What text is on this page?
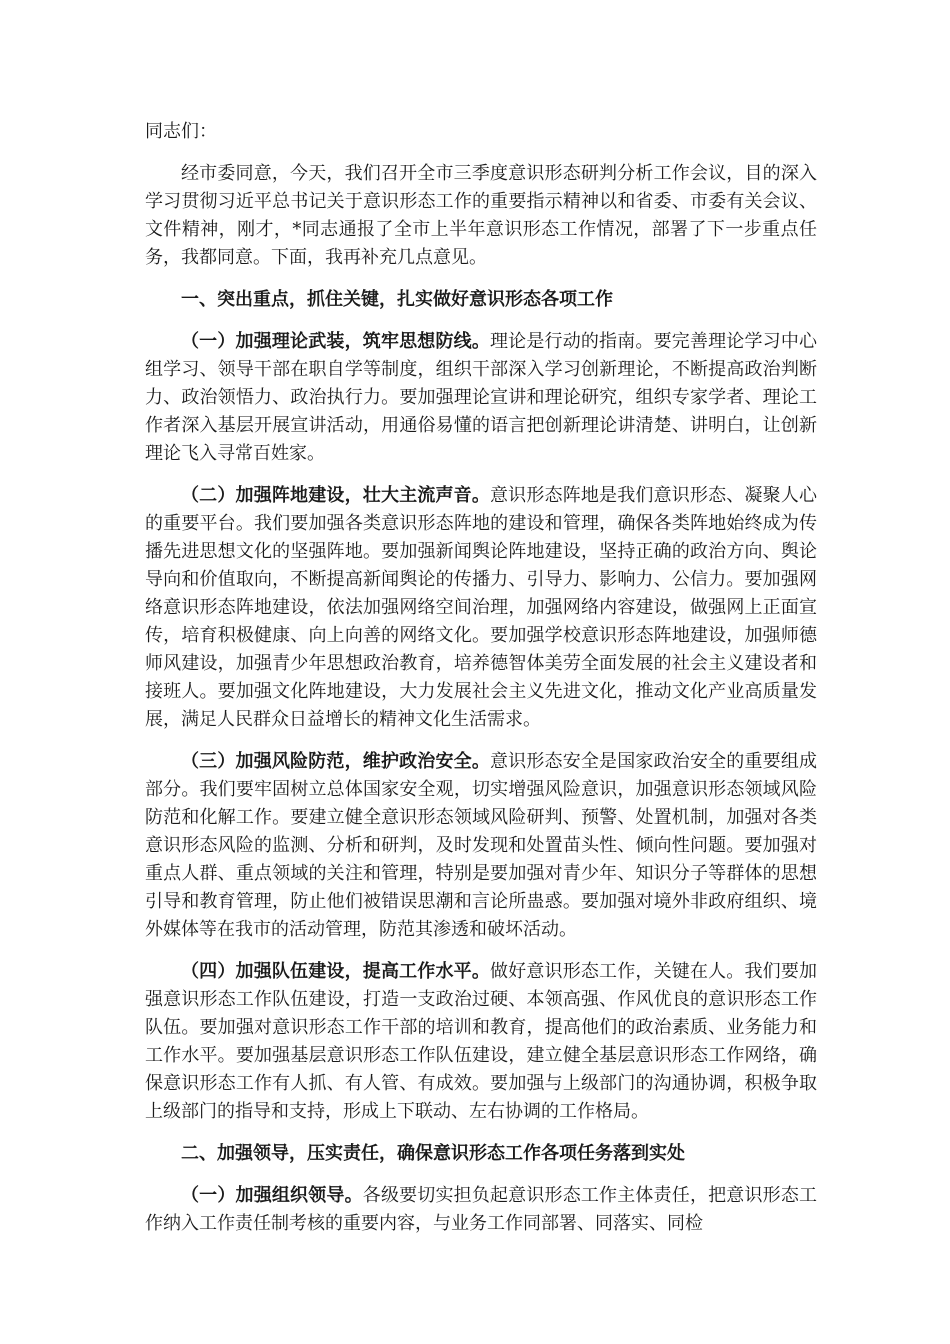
同志们：

经市委同意，今天，我们召开全市三季度意识形态研判分析工作会议，目的深入学习贯彻习近平总书记关于意识形态工作的重要指示精神以和省委、市委有关会议、文件精神，刚才，*同志通报了全市上半年意识形态工作情况，部署了下一步重点任务，我都同意。下面，我再补充几点意见。

一、突出重点，抓住关键，扎实做好意识形态各项工作

（一）加强理论武装，筑牢思想防线。理论是行动的指南。要完善理论学习中心组学习、领导干部在职自学等制度，组织干部深入学习创新理论，不断提高政治判断力、政治领悟力、政治执行力。要加强理论宣讲和理论研究，组织专家学者、理论工作者深入基层开展宣讲活动，用通俗易懂的语言把创新理论讲清楚、讲明白，让创新理论飞入寻常百姓家。

（二）加强阵地建设，壮大主流声音。意识形态阵地是我们意识形态、凝聚人心的重要平台。我们要加强各类意识形态阵地的建设和管理，确保各类阵地始终成为传播先进思想文化的坚强阵地。要加强新闻舆论阵地建设，坚持正确的政治方向、舆论导向和价值取向，不断提高新闻舆论的传播力、引导力、影响力、公信力。要加强网络意识形态阵地建设，依法加强网络空间治理，加强网络内容建设，做强网上正面宣传，培育积极健康、向上向善的网络文化。要加强学校意识形态阵地建设，加强师德师风建设，加强青少年思想政治教育，培养德智体美劳全面发展的社会主义建设者和接班人。要加强文化阵地建设，大力发展社会主义先进文化，推动文化产业高质量发展，满足人民群众日益增长的精神文化生活需求。

（三）加强风险防范，维护政治安全。意识形态安全是国家政治安全的重要组成部分。我们要牢固树立总体国家安全观，切实增强风险意识，加强意识形态领域风险防范和化解工作。要建立健全意识形态领域风险研判、预警、处置机制，加强对各类意识形态风险的监测、分析和研判，及时发现和处置苗头性、倾向性问题。要加强对重点人群、重点领域的关注和管理，特别是要加强对青少年、知识分子等群体的思想引导和教育管理，防止他们被错误思潮和言论所蛊惑。要加强对境外非政府组织、境外媒体等在我市的活动管理，防范其渗透和破坏活动。

（四）加强队伍建设，提高工作水平。做好意识形态工作，关键在人。我们要加强意识形态工作队伍建设，打造一支政治过硬、本领高强、作风优良的意识形态工作队伍。要加强对意识形态工作干部的培训和教育，提高他们的政治素质、业务能力和工作水平。要加强基层意识形态工作队伍建设，建立健全基层意识形态工作网络，确保意识形态工作有人抓、有人管、有成效。要加强与上级部门的沟通协调，积极争取上级部门的指导和支持，形成上下联动、左右协调的工作格局。

二、加强领导，压实责任，确保意识形态工作各项任务落到实处

（一）加强组织领导。各级要切实担负起意识形态工作主体责任，把意识形态工作纳入工作责任制考核的重要内容，与业务工作同部署、同落实、同检
